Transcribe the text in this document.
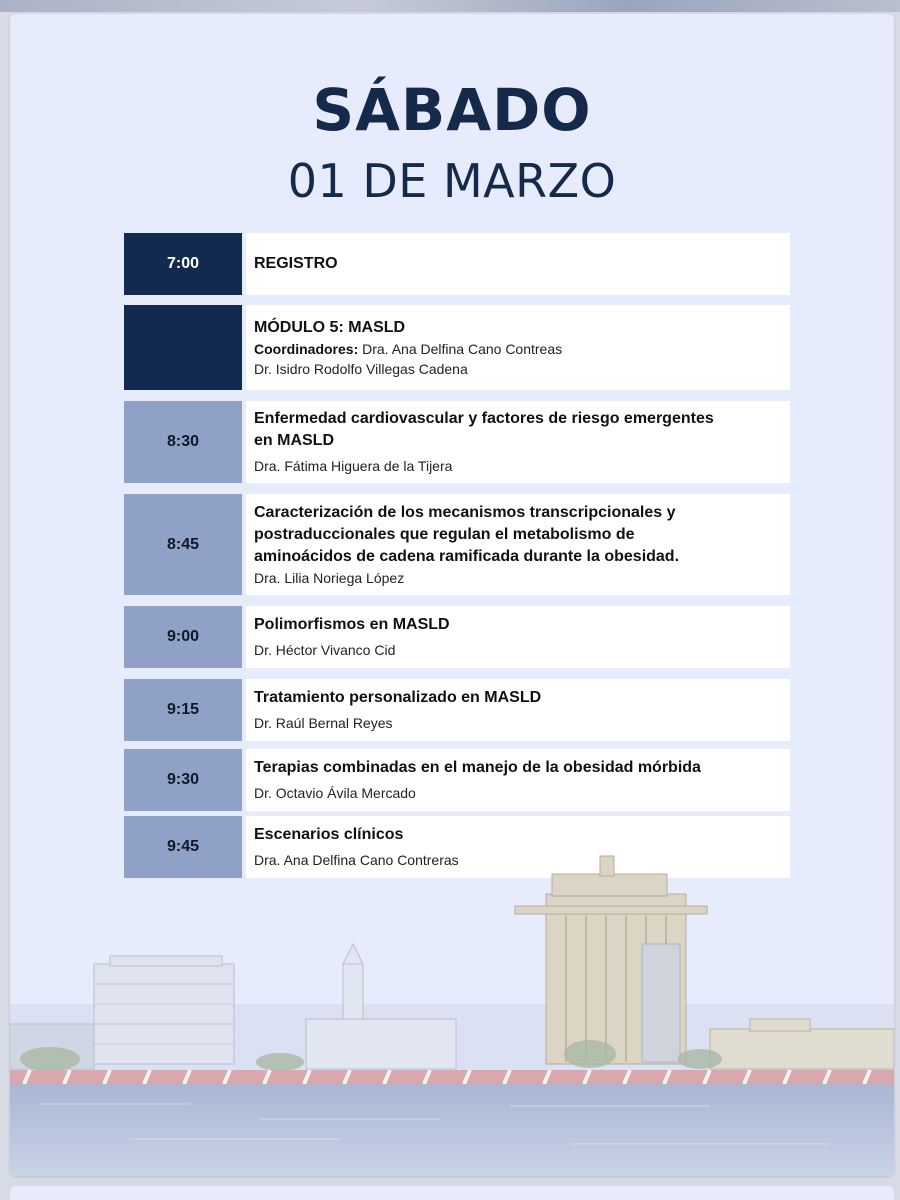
SÁBADO
01 DE MARZO
7:00	REGISTRO
MÓDULO 5: MASLD
Coordinadores: Dra. Ana Delfina Cano Contreas
Dr. Isidro Rodolfo Villegas Cadena
8:30
Enfermedad cardiovascular y factores de riesgo emergentes
en MASLD
Dra. Fátima Higuera de la Tijera
8:45
Caracterización de los mecanismos transcripcionales y
postraduccionales que regulan el metabolismo de
aminoácidos de cadena ramificada durante la obesidad.
Dra. Lilia Noriega López
9:00
Polimorfismos en MASLD
Dr. Héctor Vivanco Cid
9:15
Tratamiento personalizado en MASLD
Dr. Raúl Bernal Reyes
9:30
Terapias combinadas en el manejo de la obesidad mórbida
Dr. Octavio Ávila Mercado
9:45
Escenarios clínicos
Dra. Ana Delfina Cano Contreras
